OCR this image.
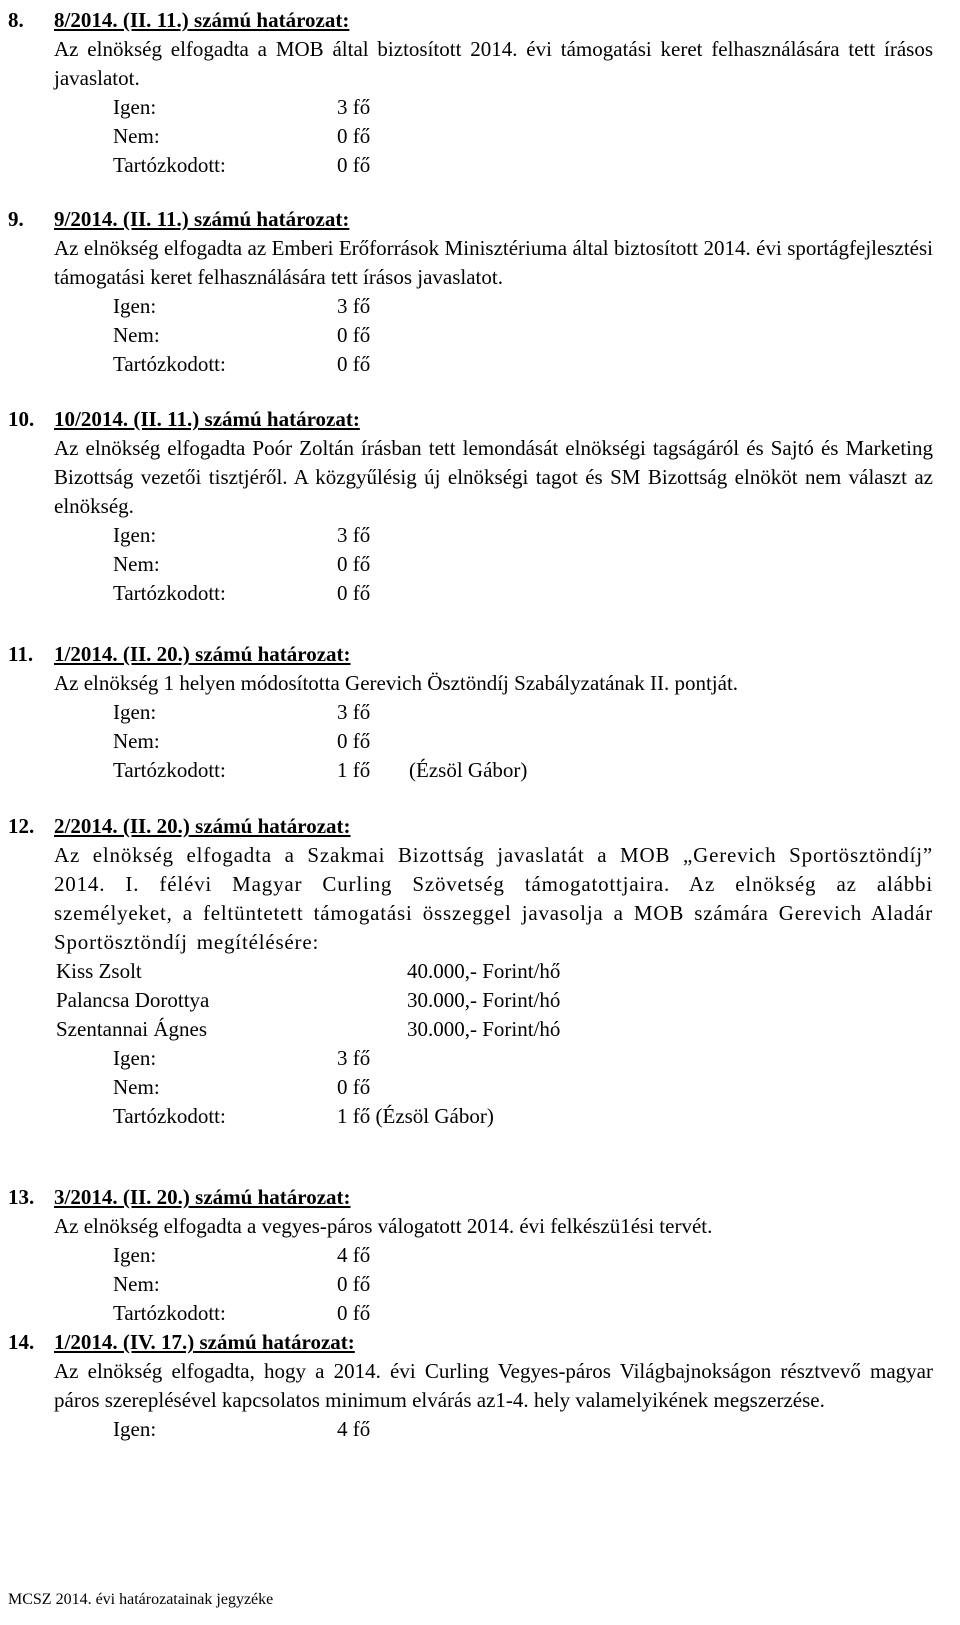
8.	8/2014. (II. 11.) számú határozat:
Az elnökség elfogadta a MOB által biztosított 2014. évi támogatási keret felhasználására tett írásos javaslatot.
Igen:	3 fő
Nem:	0 fő
Tartózkodott:	0 fő
9.	9/2014. (II. 11.) számú határozat:
Az elnökség elfogadta az Emberi Erőforrások Minisztériuma által biztosított 2014. évi sportágfejlesztési támogatási keret felhasználására tett írásos javaslatot.
Igen:	3 fő
Nem:	0 fő
Tartózkodott:	0 fő
10. 10/2014. (II. 11.) számú határozat:
Az elnökség elfogadta Poór Zoltán írásban tett lemondását elnökségi tagságáról és Sajtó és Marketing Bizottság vezetői tisztjéről. A közgyűlésig új elnökségi tagot és SM Bizottság elnököt nem választ az elnökség.
Igen:	3 fő
Nem:	0 fő
Tartózkodott:	0 fő
11. 1/2014. (II. 20.) számú határozat:
Az elnökség 1 helyen módosította Gerevich Ösztöndíj Szabályzatának II. pontját.
Igen:	3 fő
Nem:	0 fő
Tartózkodott:	1 fő	(Ézsöl Gábor)
12. 2/2014. (II. 20.) számú határozat:
Az elnökség elfogadta a Szakmai Bizottság javaslatát a MOB „Gerevich Sportösztöndíj” 2014. I. félévi Magyar Curling Szövetség támogatottjaira. Az elnökség az alábbi személyeket, a feltüntetett támogatási összeggel javasolja a MOB számára Gerevich Aladár Sportösztöndíj megítélésére:
Kiss Zsolt	40.000,- Forint/hő
Palancsa Dorottya	30.000,- Forint/hó
Szentannai Ágnes	30.000,- Forint/hó
Igen:	3 fő
Nem:	0 fő
Tartózkodott:	1 fő (Ézsöl Gábor)
13. 3/2014. (II. 20.) számú határozat:
Az elnökség elfogadta a vegyes-páros válogatott 2014. évi felkészü1ési tervét.
Igen:	4 fő
Nem:	0 fő
Tartózkodott:	0 fő
14. 1/2014. (IV. 17.) számú határozat:
Az elnökség elfogadta, hogy a 2014. évi Curling Vegyes-páros Világbajnokságon résztvevő magyar páros szereplésével kapcsolatos minimum elvárás az1-4. hely valamelyikének megszerzése.
Igen:	4 fő
MCSZ 2014. évi határozatainak jegyzéke
